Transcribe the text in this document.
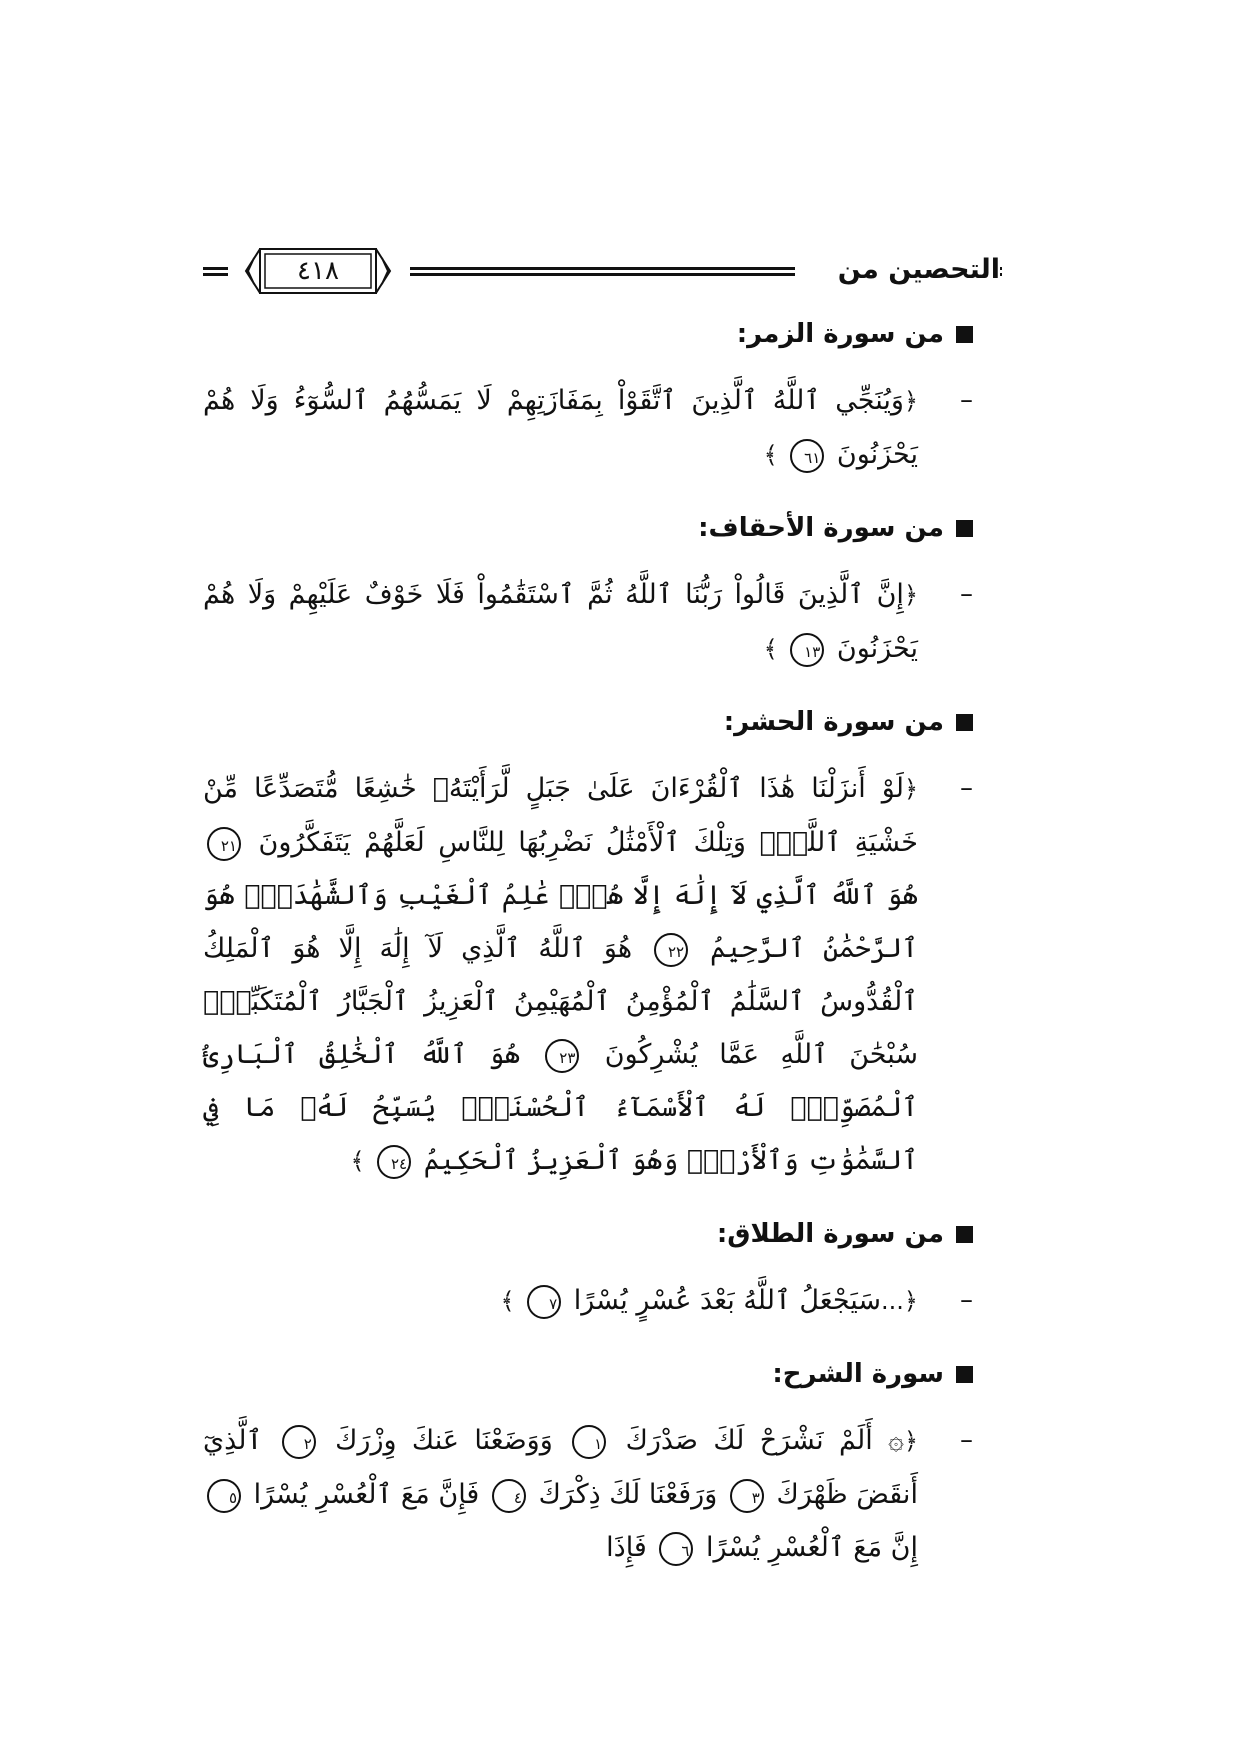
التحصين من
٤١٨
من سورة الزمر:
–
﴿وَيُنَجِّي ٱللَّهُ ٱلَّذِينَ ٱتَّقَوْاْ بِمَفَازَتِهِمْ لَا يَمَسُّهُمُ ٱلسُّوٓءُ وَلَا هُمْ يَحْزَنُونَ ٦١ ﴾
من سورة الأحقاف:
–
﴿إِنَّ ٱلَّذِينَ قَالُواْ رَبُّنَا ٱللَّهُ ثُمَّ ٱسْتَقَٰمُواْ فَلَا خَوْفٌ عَلَيْهِمْ وَلَا هُمْ يَحْزَنُونَ ١٣ ﴾
من سورة الحشر:
–
﴿لَوْ أَنزَلْنَا هَٰذَا ٱلْقُرْءَانَ عَلَىٰ جَبَلٍ لَّرَأَيْتَهُۥ خَٰشِعًا مُّتَصَدِّعًا مِّنْ خَشْيَةِ ٱللَّهِۚ وَتِلْكَ ٱلْأَمْثَٰلُ نَضْرِبُهَا لِلنَّاسِ لَعَلَّهُمْ يَتَفَكَّرُونَ ٢١ هُوَ ٱللَّهُ ٱلَّذِي لَآ إِلَٰهَ إِلَّا هُوَۖ عَٰلِمُ ٱلْغَيْبِ وَٱلشَّهَٰدَةِۖ هُوَ ٱلرَّحْمَٰنُ ٱلرَّحِيمُ ٢٢ هُوَ ٱللَّهُ ٱلَّذِي لَآ إِلَٰهَ إِلَّا هُوَ ٱلْمَلِكُ ٱلْقُدُّوسُ ٱلسَّلَٰمُ ٱلْمُؤْمِنُ ٱلْمُهَيْمِنُ ٱلْعَزِيزُ ٱلْجَبَّارُ ٱلْمُتَكَبِّرُۚ سُبْحَٰنَ ٱللَّهِ عَمَّا يُشْرِكُونَ ٢٣ هُوَ ٱللَّهُ ٱلْخَٰلِقُ ٱلْبَارِئُ ٱلْمُصَوِّرُۖ لَهُ ٱلْأَسْمَآءُ ٱلْحُسْنَىٰۚ يُسَبِّحُ لَهُۥ مَا فِي ٱلسَّمَٰوَٰتِ وَٱلْأَرْضِۖ وَهُوَ ٱلْعَزِيزُ ٱلْحَكِيمُ ٢٤ ﴾
من سورة الطلاق:
–
﴿...سَيَجْعَلُ ٱللَّهُ بَعْدَ عُسْرٍ يُسْرًا ٧ ﴾
سورة الشرح:
–
﴿۞ أَلَمْ نَشْرَحْ لَكَ صَدْرَكَ ١ وَوَضَعْنَا عَنكَ وِزْرَكَ ٢ ٱلَّذِيٓ أَنقَضَ ظَهْرَكَ ٣ وَرَفَعْنَا لَكَ ذِكْرَكَ ٤ فَإِنَّ مَعَ ٱلْعُسْرِ يُسْرًا ٥ إِنَّ مَعَ ٱلْعُسْرِ يُسْرًا ٦ فَإِذَا
